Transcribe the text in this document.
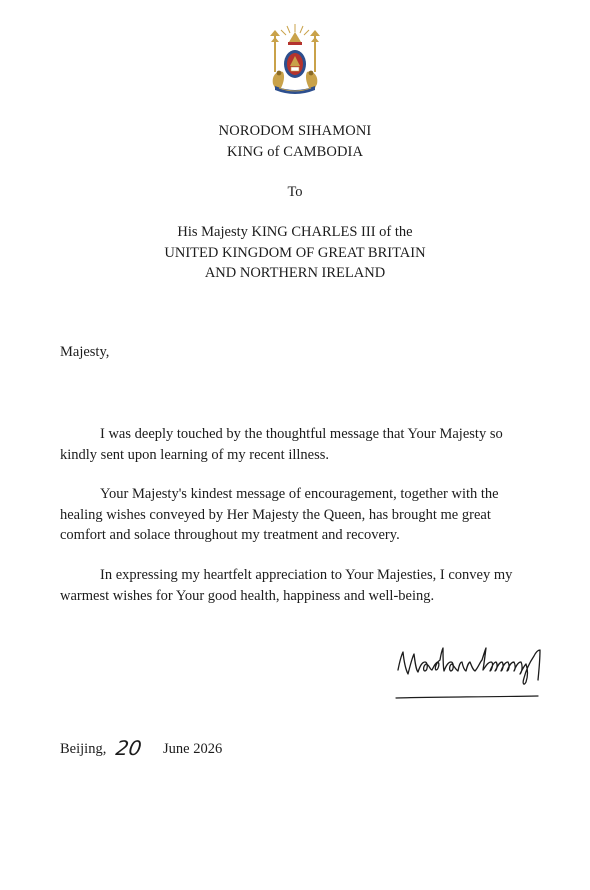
NORODOM SIHAMONI
KING of CAMBODIA
To
His Majesty KING CHARLES III of the
UNITED KINGDOM OF GREAT BRITAIN
AND NORTHERN IRELAND
Majesty,

I was deeply touched by the thoughtful message that Your Majesty so kindly sent upon learning of my recent illness.

Your Majesty's kindest message of encouragement, together with the healing wishes conveyed by Her Majesty the Queen, has brought me great comfort and solace throughout my treatment and recovery.

In expressing my heartfelt appreciation to Your Majesties, I convey my warmest wishes for Your good health, happiness and well-being.

Beijing, 20 June 2026
